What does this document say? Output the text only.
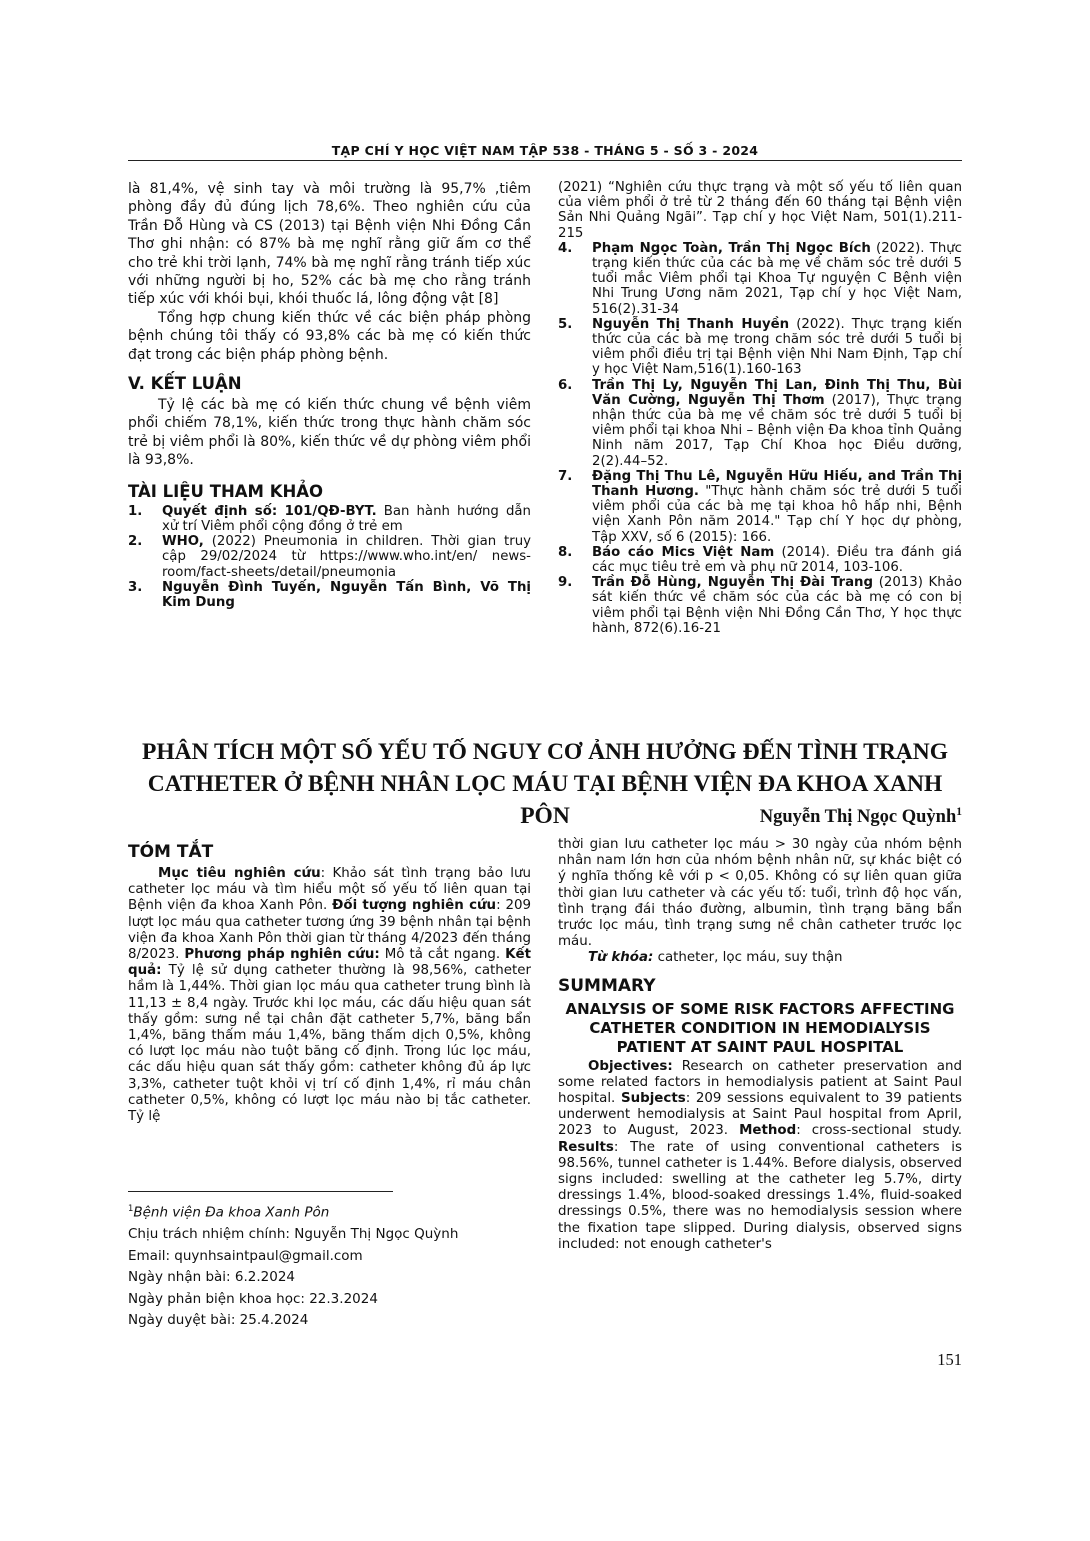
TẠP CHÍ Y HỌC VIỆT NAM TẬP 538 - THÁNG 5 - SỐ 3 - 2024

là 81,4%, vệ sinh tay và môi trường là 95,7% ,tiêm phòng đầy đủ đúng lịch 78,6%. Theo nghiên cứu của Trần Đỗ Hùng và CS (2013) tại Bệnh viện Nhi Đồng Cần Thơ ghi nhận: có 87% bà mẹ nghĩ rằng giữ ấm cơ thể cho trẻ khi trời lạnh, 74% bà mẹ nghĩ rằng tránh tiếp xúc với những người bị ho, 52% các bà mẹ cho rằng tránh tiếp xúc với khói bụi, khói thuốc lá, lông động vật [8]

Tổng hợp chung kiến thức về các biện pháp phòng bệnh chúng tôi thấy có 93,8% các bà mẹ có kiến thức đạt trong các biện pháp phòng bệnh.

V. KẾT LUẬN

Tỷ lệ các bà mẹ có kiến thức chung về bệnh viêm phổi chiếm 78,1%, kiến thức trong thực hành chăm sóc trẻ bị viêm phổi là 80%, kiến thức về dự phòng viêm phổi là 93,8%.

TÀI LIỆU THAM KHẢO
1.	Quyết định số: 101/QĐ-BYT. Ban hành hướng dẫn xử trí Viêm phổi cộng đồng ở trẻ em
2.	WHO, (2022) Pneumonia in children. Thời gian truy cập 29/02/2024 từ https://www.who.int/en/ news-room/fact-sheets/detail/pneumonia
3.	Nguyễn Đình Tuyến, Nguyễn Tấn Bình, Võ Thị Kim Dung
(2021) “Nghiên cứu thực trạng và một số yếu tố liên quan của viêm phổi ở trẻ từ 2 tháng đến 60 tháng tại Bệnh viện Sản Nhi Quảng Ngãi”. Tạp chí y học Việt Nam, 501(1).211-215
4.	Phạm Ngọc Toàn, Trần Thị Ngọc Bích (2022). Thực trạng kiến thức của các bà mẹ về chăm sóc trẻ dưới 5 tuổi mắc Viêm phổi tại Khoa Tự nguyện C Bệnh viện Nhi Trung Ương năm 2021, Tạp chí y học Việt Nam, 516(2).31-34
5.	Nguyễn Thị Thanh Huyền (2022). Thực trạng kiến thức của các bà mẹ trong chăm sóc trẻ dưới 5 tuổi bị viêm phổi điều trị tại Bệnh viện Nhi Nam Định, Tạp chí y học Việt Nam,516(1).160-163
6.	Trần Thị Ly, Nguyễn Thị Lan, Đinh Thị Thu, Bùi Văn Cường, Nguyễn Thị Thơm (2017), Thực trạng nhận thức của bà mẹ về chăm sóc trẻ dưới 5 tuổi bị viêm phổi tại khoa Nhi – Bệnh viện Đa khoa tỉnh Quảng Ninh năm 2017, Tạp Chí Khoa học Điều dưỡng, 2(2).44–52.
7.	Đặng Thị Thu Lê, Nguyễn Hữu Hiếu, and Trần Thị Thanh Hương. "Thực hành chăm sóc trẻ dưới 5 tuổi viêm phổi của các bà mẹ tại khoa hô hấp nhi, Bệnh viện Xanh Pôn năm 2014." Tạp chí Y học dự phòng, Tập XXV, số 6 (2015): 166.
8.	Báo cáo Mics Việt Nam (2014). Điều tra đánh giá các mục tiêu trẻ em và phụ nữ 2014, 103-106.
9.	Trần Đỗ Hùng, Nguyễn Thị Đài Trang (2013) Khảo sát kiến thức về chăm sóc của các bà mẹ có con bị viêm phổi tại Bệnh viện Nhi Đồng Cần Thơ, Y học thực hành, 872(6).16-21
PHÂN TÍCH MỘT SỐ YẾU TỐ NGUY CƠ ẢNH HƯỞNG ĐẾN TÌNH TRẠNG
CATHETER Ở BỆNH NHÂN LỌC MÁU TẠI BỆNH VIỆN ĐA KHOA XANH PÔN	Nguyễn Thị Ngọc Quỳnh$^1$
TÓM TẮT

Mục tiêu nghiên cứu: Khảo sát tình trạng bảo lưu catheter lọc máu và tìm hiểu một số yếu tố liên quan tại Bệnh viện đa khoa Xanh Pôn. Đối tượng nghiên cứu: 209 lượt lọc máu qua catheter tương ứng 39 bệnh nhân tại bệnh viện đa khoa Xanh Pôn thời gian từ tháng 4/2023 đến tháng 8/2023. Phương pháp nghiên cứu: Mô tả cắt ngang. Kết quả: Tỷ lệ sử dụng catheter thường là 98,56%, catheter hầm là 1,44%. Thời gian lọc máu qua catheter trung bình là 11,13 ± 8,4 ngày. Trước khi lọc máu, các dấu hiệu quan sát thấy gồm: sưng nề tại chân đặt catheter 5,7%, băng bẩn 1,4%, băng thấm máu 1,4%, băng thấm dịch 0,5%, không có lượt lọc máu nào tuột băng cố định. Trong lúc lọc máu, các dấu hiệu quan sát thấy gồm: catheter không đủ áp lực 3,3%, catheter tuột khỏi vị trí cố định 1,4%, rỉ máu chân catheter 0,5%, không có lượt lọc máu nào bị tắc catheter. Tỷ lệ

$^1$Bệnh viện Đa khoa Xanh Pôn

Chịu trách nhiệm chính: Nguyễn Thị Ngọc Quỳnh

Email: quynhsaintpaul@gmail.com

Ngày nhận bài: 6.2.2024

Ngày phản biện khoa học: 22.3.2024

Ngày duyệt bài: 25.4.2024

thời gian lưu catheter lọc máu > 30 ngày của nhóm bệnh nhân nam lớn hơn của nhóm bệnh nhân nữ, sự khác biệt có ý nghĩa thống kê với p < 0,05. Không có sự liên quan giữa thời gian lưu catheter và các yếu tố: tuổi, trình độ học vấn, tình trạng đái tháo đường, albumin, tình trạng băng bẩn trước lọc máu, tình trạng sưng nề chân catheter trước lọc máu.

Từ khóa: catheter, lọc máu, suy thận

SUMMARY
ANALYSIS OF SOME RISK FACTORS AFFECTING CATHETER CONDITION IN HEMODIALYSIS PATIENT AT SAINT PAUL HOSPITAL

Objectives: Research on catheter preservation and some related factors in hemodialysis patient at Saint Paul hospital. Subjects: 209 sessions equivalent to 39 patients underwent hemodialysis at Saint Paul hospital from April, 2023 to August, 2023. Method: cross-sectional study. Results: The rate of using conventional catheters is 98.56%, tunnel catheter is 1.44%. Before dialysis, observed signs included: swelling at the catheter leg 5.7%, dirty dressings 1.4%, blood-soaked dressings 1.4%, fluid-soaked dressings 0.5%, there was no hemodialysis session where the fixation tape slipped. During dialysis, observed signs included: not enough catheter's

151
